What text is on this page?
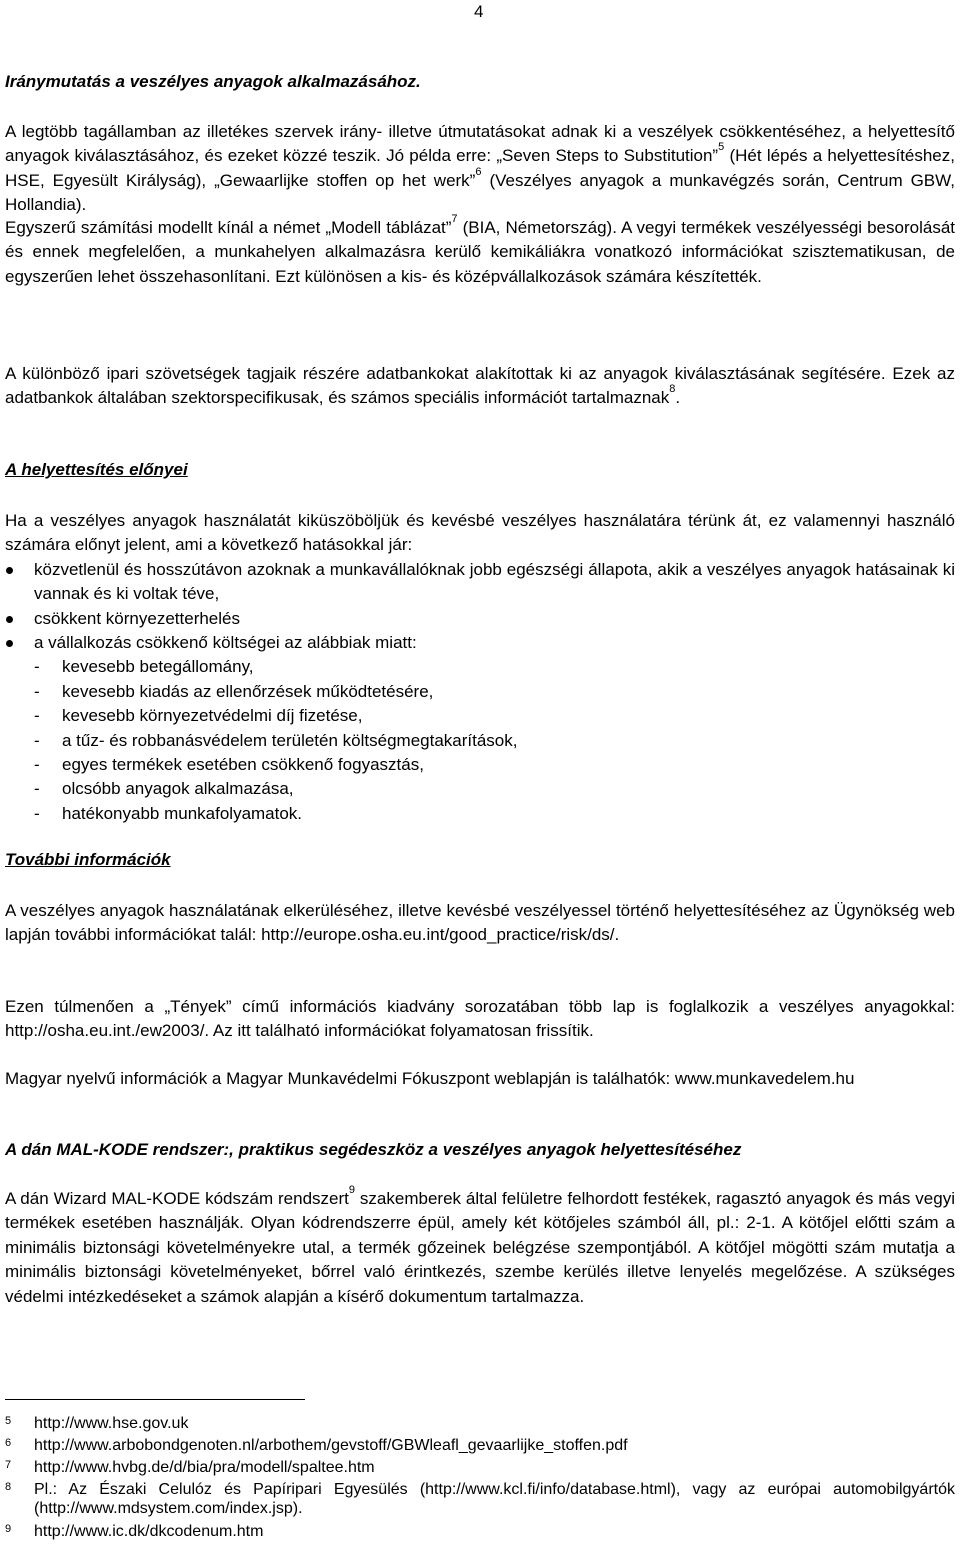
4
Iránymutatás a veszélyes anyagok alkalmazásához.
A legtöbb tagállamban az illetékes szervek irány- illetve útmutatásokat adnak ki a veszélyek csökkentéséhez, a helyettesítő anyagok kiválasztásához, és ezeket közzé teszik. Jó példa erre: „Seven Steps to Substitution”$^5$ (Hét lépés a helyettesítéshez, HSE, Egyesült Királyság), „Gewaarlijke stoffen op het werk”$^6$ (Veszélyes anyagok a munkavégzés során, Centrum GBW, Hollandia).
Egyszerű számítási modellt kínál a német „Modell táblázat”$^7$ (BIA, Németország). A vegyi termékek veszélyességi besorolását és ennek megfelelően, a munkahelyen alkalmazásra kerülő kemikáliákra vonatkozó információkat szisztematikusan, de egyszerűen lehet összehasonlítani. Ezt különösen a kis- és középvállalkozások számára készítették.
A különböző ipari szövetségek tagjaik részére adatbankokat alakítottak ki az anyagok kiválasztásának segítésére. Ezek az adatbankok általában szektorspecifikusak, és számos speciális információt tartalmaznak$^8$.
A helyettesítés előnyei
Ha a veszélyes anyagok használatát kiküszöböljük és kevésbé veszélyes használatára térünk át, ez valamennyi használó számára előnyt jelent, ami a következő hatásokkal jár:
közvetlenül és hosszútávon azoknak a munkavállalóknak jobb egészségi állapota, akik a veszélyes anyagok hatásainak ki vannak és ki voltak téve,
csökkent környezetterhelés
a vállalkozás csökkenő költségei az alábbiak miatt:
- kevesebb betegállomány,
- kevesebb kiadás az ellenőrzések működtetésére,
- kevesebb környezetvédelmi díj fizetése,
- a tűz- és robbanásvédelem területén költségmegtakarítások,
- egyes termékek esetében csökkenő fogyasztás,
- olcsóbb anyagok alkalmazása,
- hatékonyabb munkafolyamatok.
További információk
A veszélyes anyagok használatának elkerüléséhez, illetve kevésbé veszélyessel történő helyettesítéséhez az Ügynökség web lapján további információkat talál: http://europe.osha.eu.int/good_practice/risk/ds/.
Ezen túlmenően a „Tények” című információs kiadvány sorozatában több lap is foglalkozik a veszélyes anyagokkal: http://osha.eu.int./ew2003/. Az itt található információkat folyamatosan frissítik.
Magyar nyelvű információk a Magyar Munkavédelmi Fókuszpont weblapján is találhatók: www.munkavedelem.hu
A dán MAL-KODE rendszer:, praktikus segédeszköz a veszélyes anyagok helyettesítéséhez
A dán Wizard MAL-KODE kódszám rendszert$^9$ szakemberek által felületre felhordott festékek, ragasztó anyagok és más vegyi termékek esetében használják. Olyan kódrendszerre épül, amely két kötőjeles számból áll, pl.: 2-1. A kötőjel előtti szám a minimális biztonsági követelményekre utal, a termék gőzeinek belégzése szempontjából. A kötőjel mögötti szám mutatja a minimális biztonsági követelményeket, bőrrel való érintkezés, szembe kerülés illetve lenyelés megelőzése. A szükséges védelmi intézkedéseket a számok alapján a kísérő dokumentum tartalmazza.
5	http://www.hse.gov.uk
6	http://www.arbobondgenoten.nl/arbothem/gevstoff/GBWleafl_gevaarlijke_stoffen.pdf
7	http://www.hvbg.de/d/bia/pra/modell/spaltee.htm
8	Pl.: Az Északi Celulóz és Papíripari Egyesülés (http://www.kcl.fi/info/database.html), vagy az európai automobilgyártók (http://www.mdsystem.com/index.jsp).
9	http://www.ic.dk/dkcodenum.htm
